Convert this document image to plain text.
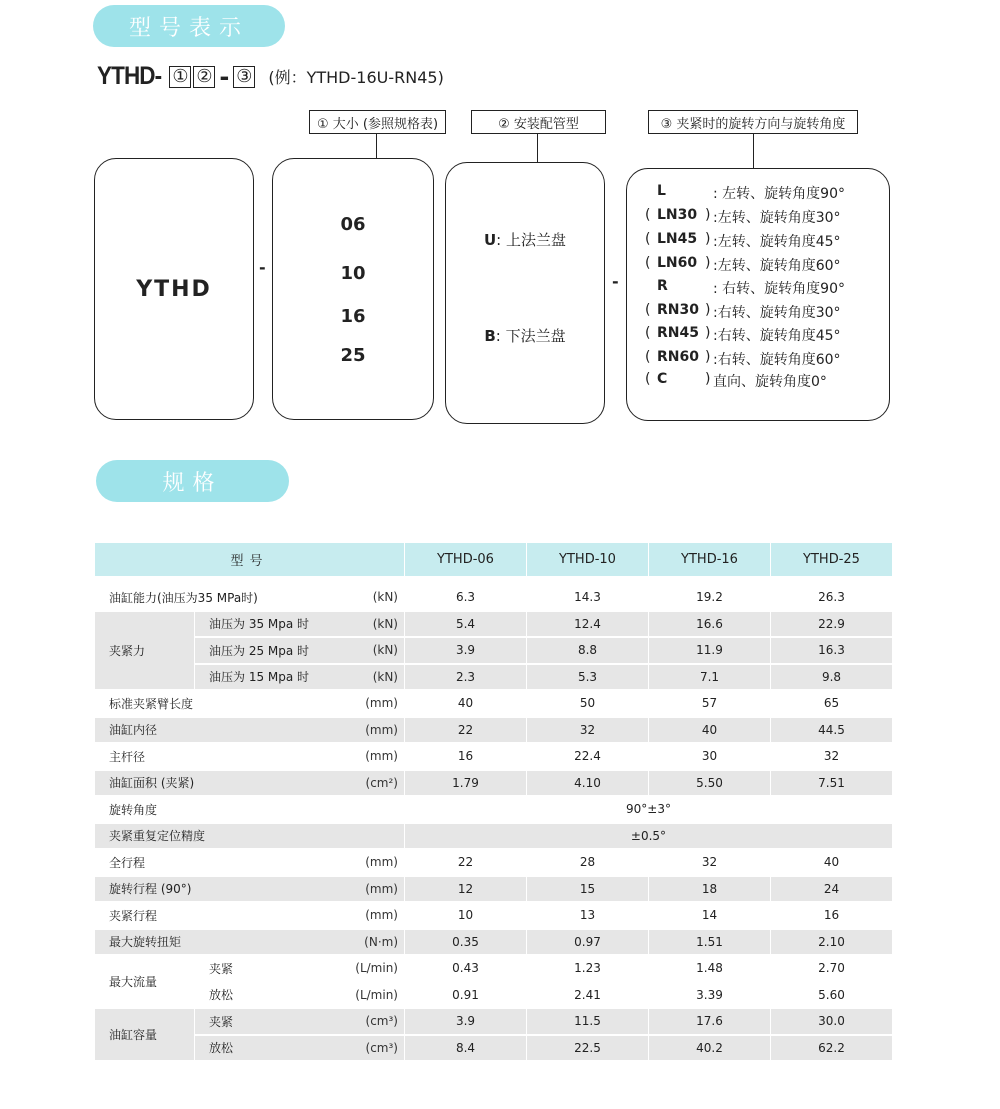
型号表示
YTHD- ① ② - ③ (例：YTHD-16U-RN45)
① 大小 (参照规格表)	② 安装配管型	③ 夹紧时的旋转方向与旋转角度
YTHD
-
06
10
16
25
U: 上法兰盘
B: 下法兰盘
-
L	: 左转、旋转角度90°
( LN30 ) :左转、旋转角度30°
( LN45 ) :左转、旋转角度45°
( LN60 ) :左转、旋转角度60°
R	: 右转、旋转角度90°
( RN30 ) :右转、旋转角度30°
( RN45 ) :右转、旋转角度45°
( RN60 ) :右转、旋转角度60°
( C	) 直向、旋转角度0°
规格
型号			YTHD-06	YTHD-10	YTHD-16	YTHD-25

油缸能力(油压为35 MPa时)		(kN)	6.3	14.3	19.2	26.3
夹紧力	油压为 35 Mpa 时	(kN)	5.4	12.4	16.6	22.9
	油压为 25 Mpa 时	(kN)	3.9	8.8	11.9	16.3
	油压为 15 Mpa 时	(kN)	2.3	5.3	7.1	9.8
标准夹紧臂长度		(mm)	40	50	57	65
油缸内径		(mm)	22	32	40	44.5
主杆径		(mm)	16	22.4	30	32
油缸面积 (夹紧)		(cm²)	1.79	4.10	5.50	7.51
旋转角度			90°±3°			
夹紧重复定位精度			±0.5°			
全行程		(mm)	22	28	32	40
旋转行程 (90°)		(mm)	12	15	18	24
夹紧行程		(mm)	10	13	14	16
最大旋转扭矩		(N·m)	0.35	0.97	1.51	2.10
最大流量	夹紧	(L/min)	0.43	1.23	1.48	2.70
	放松	(L/min)	0.91	2.41	3.39	5.60
油缸容量	夹紧	(cm³)	3.9	11.5	17.6	30.0
	放松	(cm³)	8.4	22.5	40.2	62.2
